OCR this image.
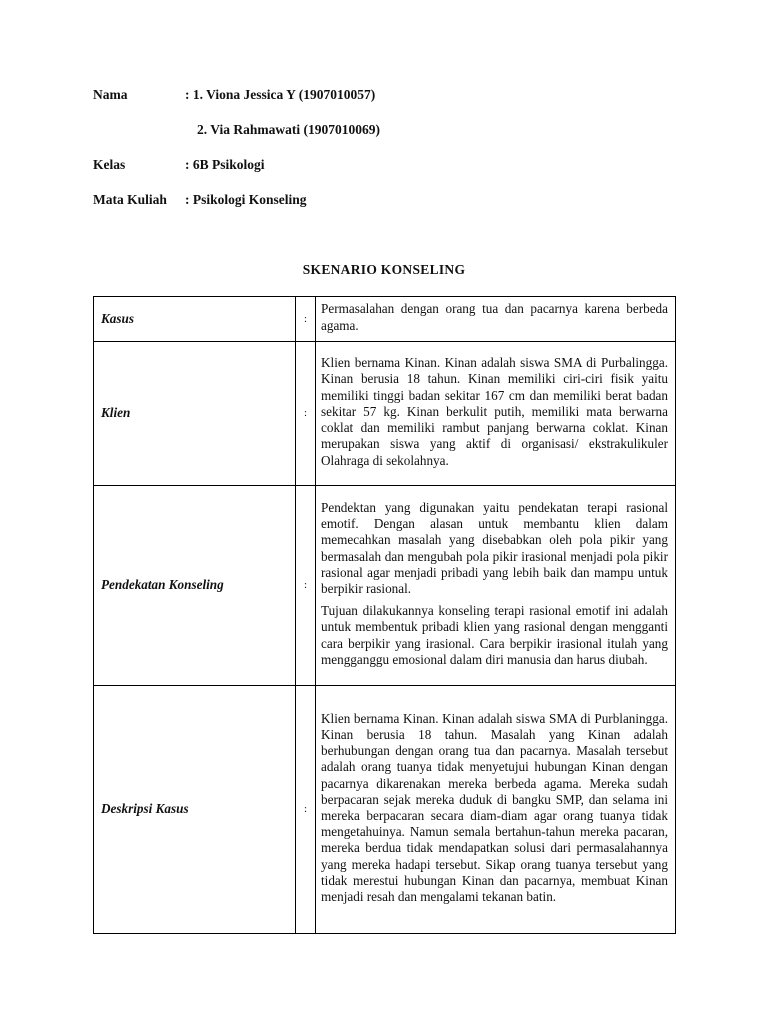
Nama	: 1. Viona Jessica Y (1907010057)
2. Via Rahmawati (1907010069)
Kelas	: 6B Psikologi
Mata Kuliah : Psikologi Konseling
SKENARIO KONSELING
Kasus	:	Permasalahan dengan orang tua dan pacarnya karena berbeda agama.

Klien	:	Klien bernama Kinan. Kinan adalah siswa SMA di Purbalingga. Kinan berusia 18 tahun. Kinan memiliki ciri-ciri fisik yaitu memiliki tinggi badan sekitar 167 cm dan memiliki berat badan sekitar 57 kg. Kinan berkulit putih, memiliki mata berwarna coklat dan memiliki rambut panjang berwarna coklat. Kinan merupakan siswa yang aktif di organisasi/ ekstrakulikuler Olahraga di sekolahnya.

Pendekatan Konseling	:	Pendektan yang digunakan yaitu pendekatan terapi rasional emotif. Dengan alasan untuk membantu klien dalam memecahkan masalah yang disebabkan oleh pola pikir yang bermasalah dan mengubah pola pikir irasional menjadi pola pikir rasional agar menjadi pribadi yang lebih baik dan mampu untuk berpikir rasional.

Tujuan dilakukannya konseling terapi rasional emotif ini adalah untuk membentuk pribadi klien yang rasional dengan mengganti cara berpikir yang irasional. Cara berpikir irasional itulah yang mengganggu emosional dalam diri manusia dan harus diubah.

Deskripsi Kasus	:	Klien bernama Kinan. Kinan adalah siswa SMA di Purblaningga. Kinan berusia 18 tahun. Masalah yang Kinan adalah berhubungan dengan orang tua dan pacarnya. Masalah tersebut adalah orang tuanya tidak menyetujui hubungan Kinan dengan pacarnya dikarenakan mereka berbeda agama. Mereka sudah berpacaran sejak mereka duduk di bangku SMP, dan selama ini mereka berpacaran secara diam-diam agar orang tuanya tidak mengetahuinya. Namun semala bertahun-tahun mereka pacaran, mereka berdua tidak mendapatkan solusi dari permasalahannya yang mereka hadapi tersebut. Sikap orang tuanya tersebut yang tidak merestui hubungan Kinan dan pacarnya, membuat Kinan menjadi resah dan mengalami tekanan batin.
